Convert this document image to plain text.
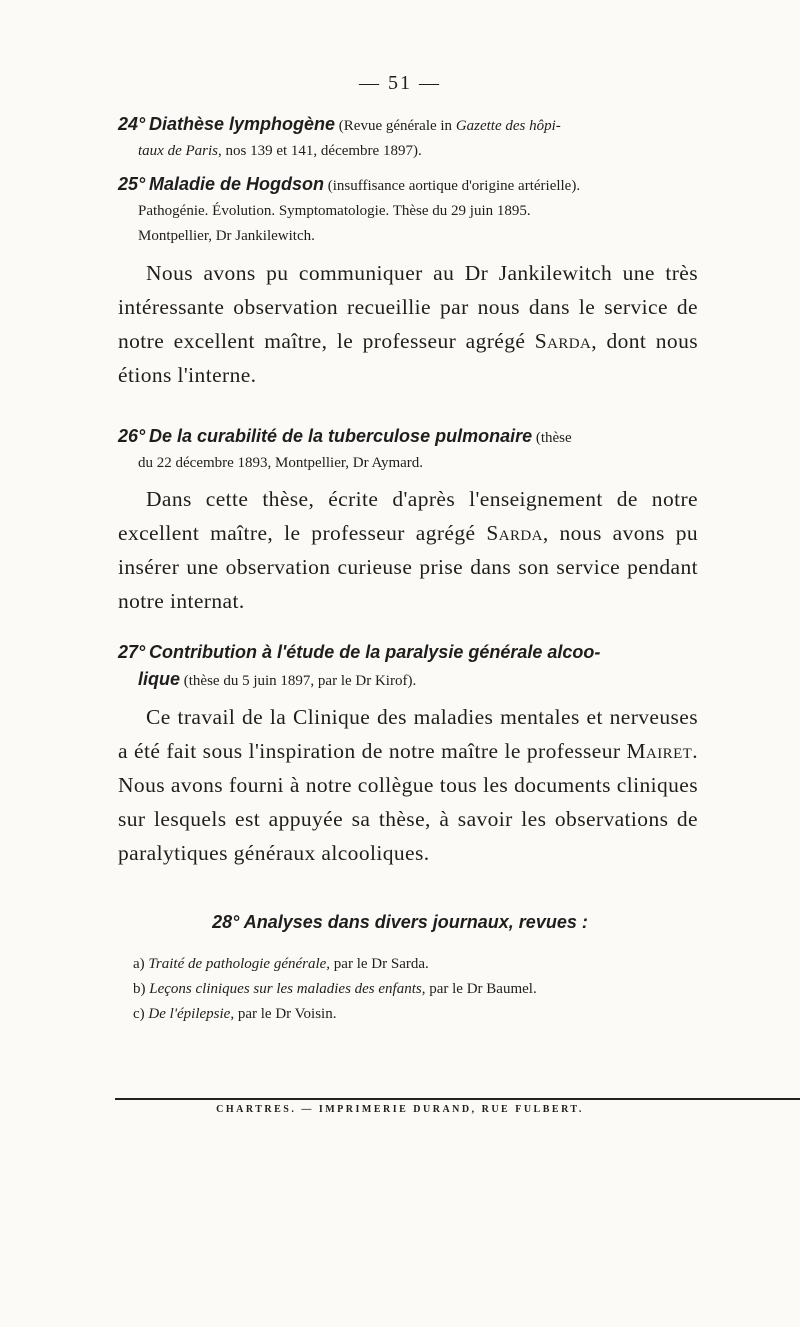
— 51 —
24° Diathèse lymphogène (Revue générale in Gazette des hôpi-
taux de Paris, nos 139 et 141, décembre 1897).
25° Maladie de Hogdson (insuffisance aortique d'origine artérielle).
Pathogénie. Évolution. Symptomatologie. Thèse du 29 juin 1895.
Montpellier, Dr Jankilewitch.
Nous avons pu communiquer au Dr Jankilewitch une très intéressante observation recueillie par nous dans le service de notre excellent maître, le professeur agrégé Sarda, dont nous étions l'interne.
26° De la curabilité de la tuberculose pulmonaire (thèse
du 22 décembre 1893, Montpellier, Dr Aymard.
Dans cette thèse, écrite d'après l'enseignement de notre excellent maître, le professeur agrégé Sarda, nous avons pu insérer une observation curieuse prise dans son service pendant notre internat.
27° Contribution à l'étude de la paralysie générale alcoo-
lique (thèse du 5 juin 1897, par le Dr Kirof).
Ce travail de la Clinique des maladies mentales et nerveuses a été fait sous l'inspiration de notre maître le professeur Mairet. Nous avons fourni à notre collègue tous les documents cliniques sur lesquels est appuyée sa thèse, à savoir les observations de paralytiques généraux alcooliques.
28° Analyses dans divers journaux, revues :
a) Traité de pathologie générale, par le Dr Sarda.
b) Leçons cliniques sur les maladies des enfants, par le Dr Baumel.
c) De l'épilepsie, par le Dr Voisin.
CHARTRES. — IMPRIMERIE DURAND, RUE FULBERT.
